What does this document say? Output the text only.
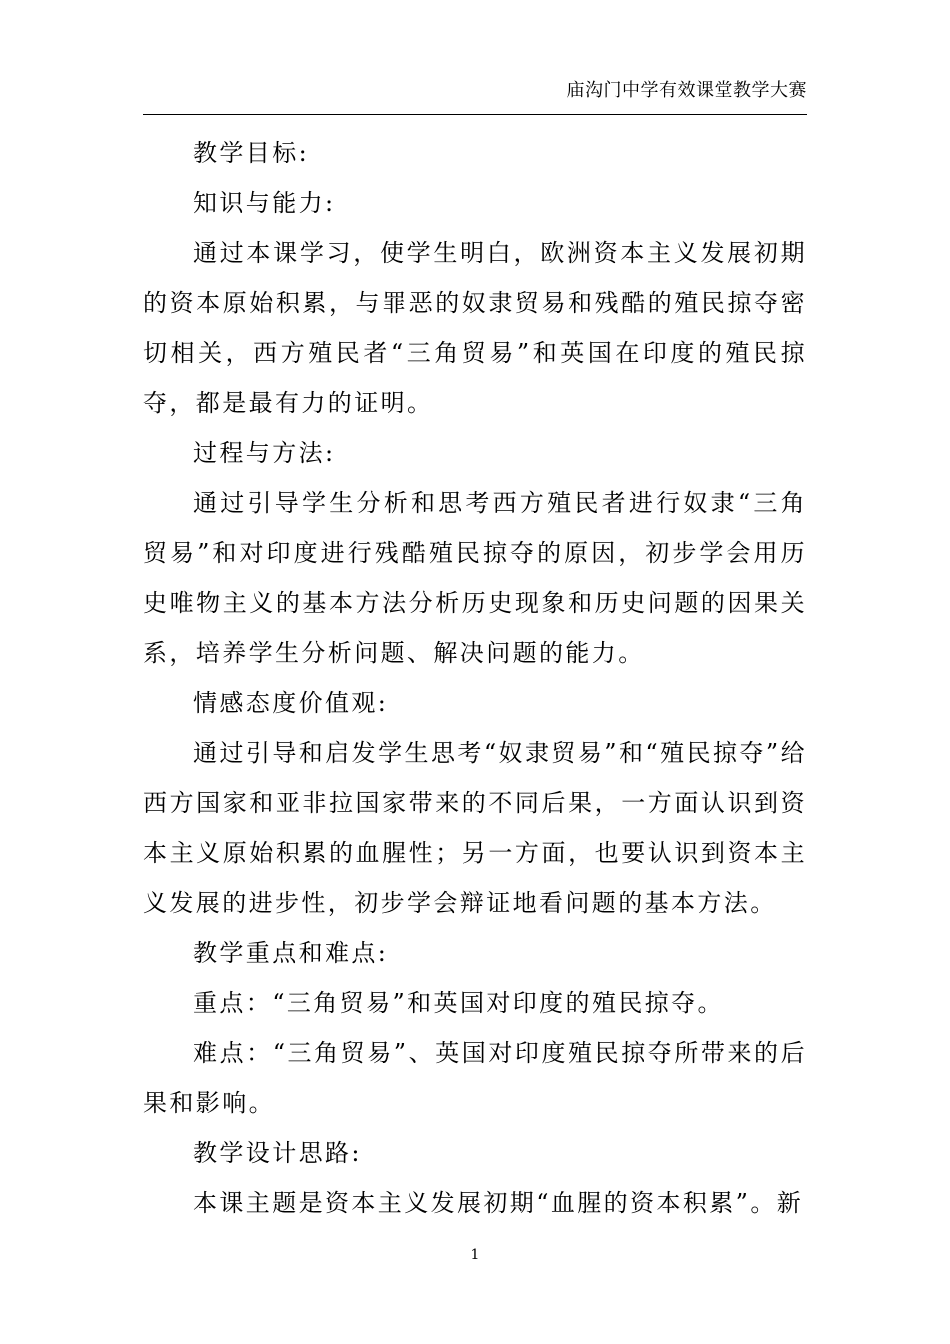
庙沟门中学有效课堂教学大赛

教学目标:

知识与能力:

通过本课学习，使学生明白，欧洲资本主义发展初期的资本原始积累，与罪恶的奴隶贸易和残酷的殖民掠夺密切相关，西方殖民者“三角贸易”和英国在印度的殖民掠夺，都是最有力的证明。

过程与方法:

通过引导学生分析和思考西方殖民者进行奴隶“三角贸易”和对印度进行残酷殖民掠夺的原因，初步学会用历史唯物主义的基本方法分析历史现象和历史问题的因果关系，培养学生分析问题、解决问题的能力。

情感态度价值观:

通过引导和启发学生思考“奴隶贸易”和“殖民掠夺”给西方国家和亚非拉国家带来的不同后果，一方面认识到资本主义原始积累的血腥性；另一方面，也要认识到资本主义发展的进步性，初步学会辩证地看问题的基本方法。

教学重点和难点:

重点：“三角贸易”和英国对印度的殖民掠夺。

难点：“三角贸易”、英国对印度殖民掠夺所带来的后果和影响。

教学设计思路:

本课主题是资本主义发展初期“血腥的资本积累”。新

1
